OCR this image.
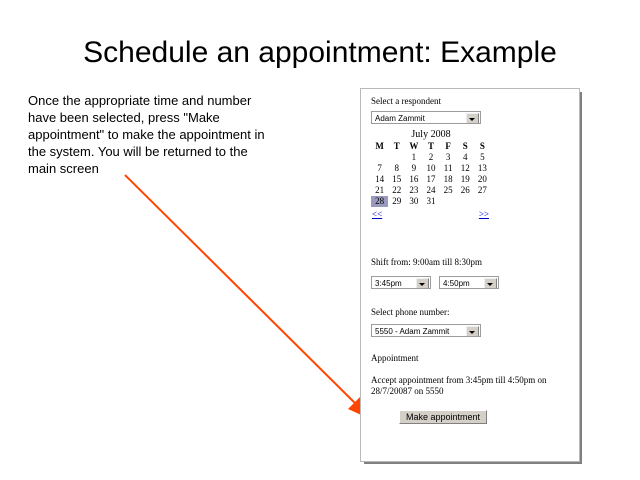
Schedule an appointment: Example
Once the appropriate time and number have been selected, press "Make appointment" to make the appointment in the system. You will be returned to the main screen
Select a respondent
Adam Zammit
July 2008
M	T	W	T	F	S	S
		1	2	3	4	5
7	8	9	10	11	12	13
14	15	16	17	18	19	20
21	22	23	24	25	26	27
28	29	30	31			
<<	>>
Shift from: 9:00am till 8:30pm
3:45pm	4:50pm
Select phone number:
5550 - Adam Zammit
Appointment
Accept appointment from 3:45pm till 4:50pm on 28/7/20087 on 5550
Make appointment
